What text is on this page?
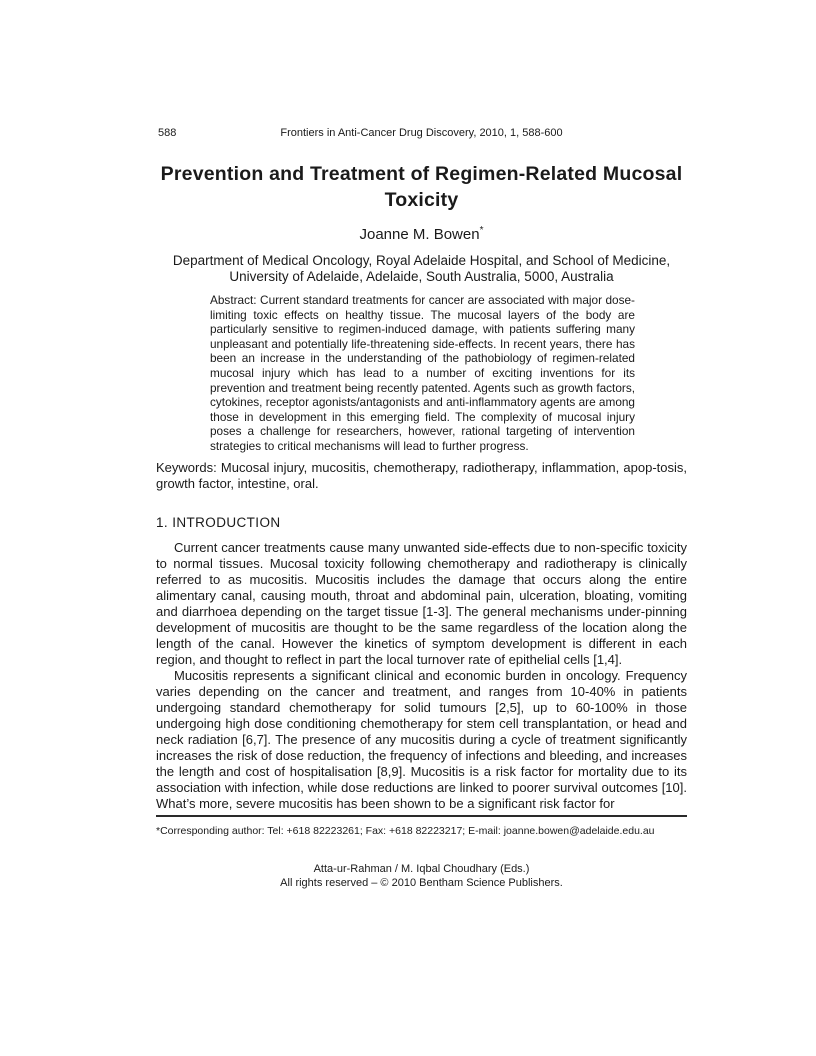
588	Frontiers in Anti-Cancer Drug Discovery, 2010, 1, 588-600
Prevention and Treatment of Regimen-Related Mucosal Toxicity
Joanne M. Bowen*
Department of Medical Oncology, Royal Adelaide Hospital, and School of Medicine, University of Adelaide, Adelaide, South Australia, 5000, Australia
Abstract: Current standard treatments for cancer are associated with major dose-limiting toxic effects on healthy tissue. The mucosal layers of the body are particularly sensitive to regimen-induced damage, with patients suffering many unpleasant and potentially life-threatening side-effects. In recent years, there has been an increase in the understanding of the pathobiology of regimen-related mucosal injury which has lead to a number of exciting inventions for its prevention and treatment being recently patented. Agents such as growth factors, cytokines, receptor agonists/antagonists and anti-inflammatory agents are among those in development in this emerging field. The complexity of mucosal injury poses a challenge for researchers, however, rational targeting of intervention strategies to critical mechanisms will lead to further progress.
Keywords: Mucosal injury, mucositis, chemotherapy, radiotherapy, inflammation, apop-tosis, growth factor, intestine, oral.
1. INTRODUCTION

Current cancer treatments cause many unwanted side-effects due to non-specific toxicity to normal tissues. Mucosal toxicity following chemotherapy and radiotherapy is clinically referred to as mucositis. Mucositis includes the damage that occurs along the entire alimentary canal, causing mouth, throat and abdominal pain, ulceration, bloating, vomiting and diarrhoea depending on the target tissue [1-3]. The general mechanisms under-pinning development of mucositis are thought to be the same regardless of the location along the length of the canal. However the kinetics of symptom development is different in each region, and thought to reflect in part the local turnover rate of epithelial cells [1,4].

Mucositis represents a significant clinical and economic burden in oncology. Frequency varies depending on the cancer and treatment, and ranges from 10-40% in patients undergoing standard chemotherapy for solid tumours [2,5], up to 60-100% in those undergoing high dose conditioning chemotherapy for stem cell transplantation, or head and neck radiation [6,7]. The presence of any mucositis during a cycle of treatment significantly increases the risk of dose reduction, the frequency of infections and bleeding, and increases the length and cost of hospitalisation [8,9]. Mucositis is a risk factor for mortality due to its association with infection, while dose reductions are linked to poorer survival outcomes [10]. What’s more, severe mucositis has been shown to be a significant risk factor for

*Corresponding author: Tel: +618 82223261; Fax: +618 82223217; E-mail: joanne.bowen@adelaide.edu.au
Atta-ur-Rahman / M. Iqbal Choudhary (Eds.)
All rights reserved – © 2010 Bentham Science Publishers.
